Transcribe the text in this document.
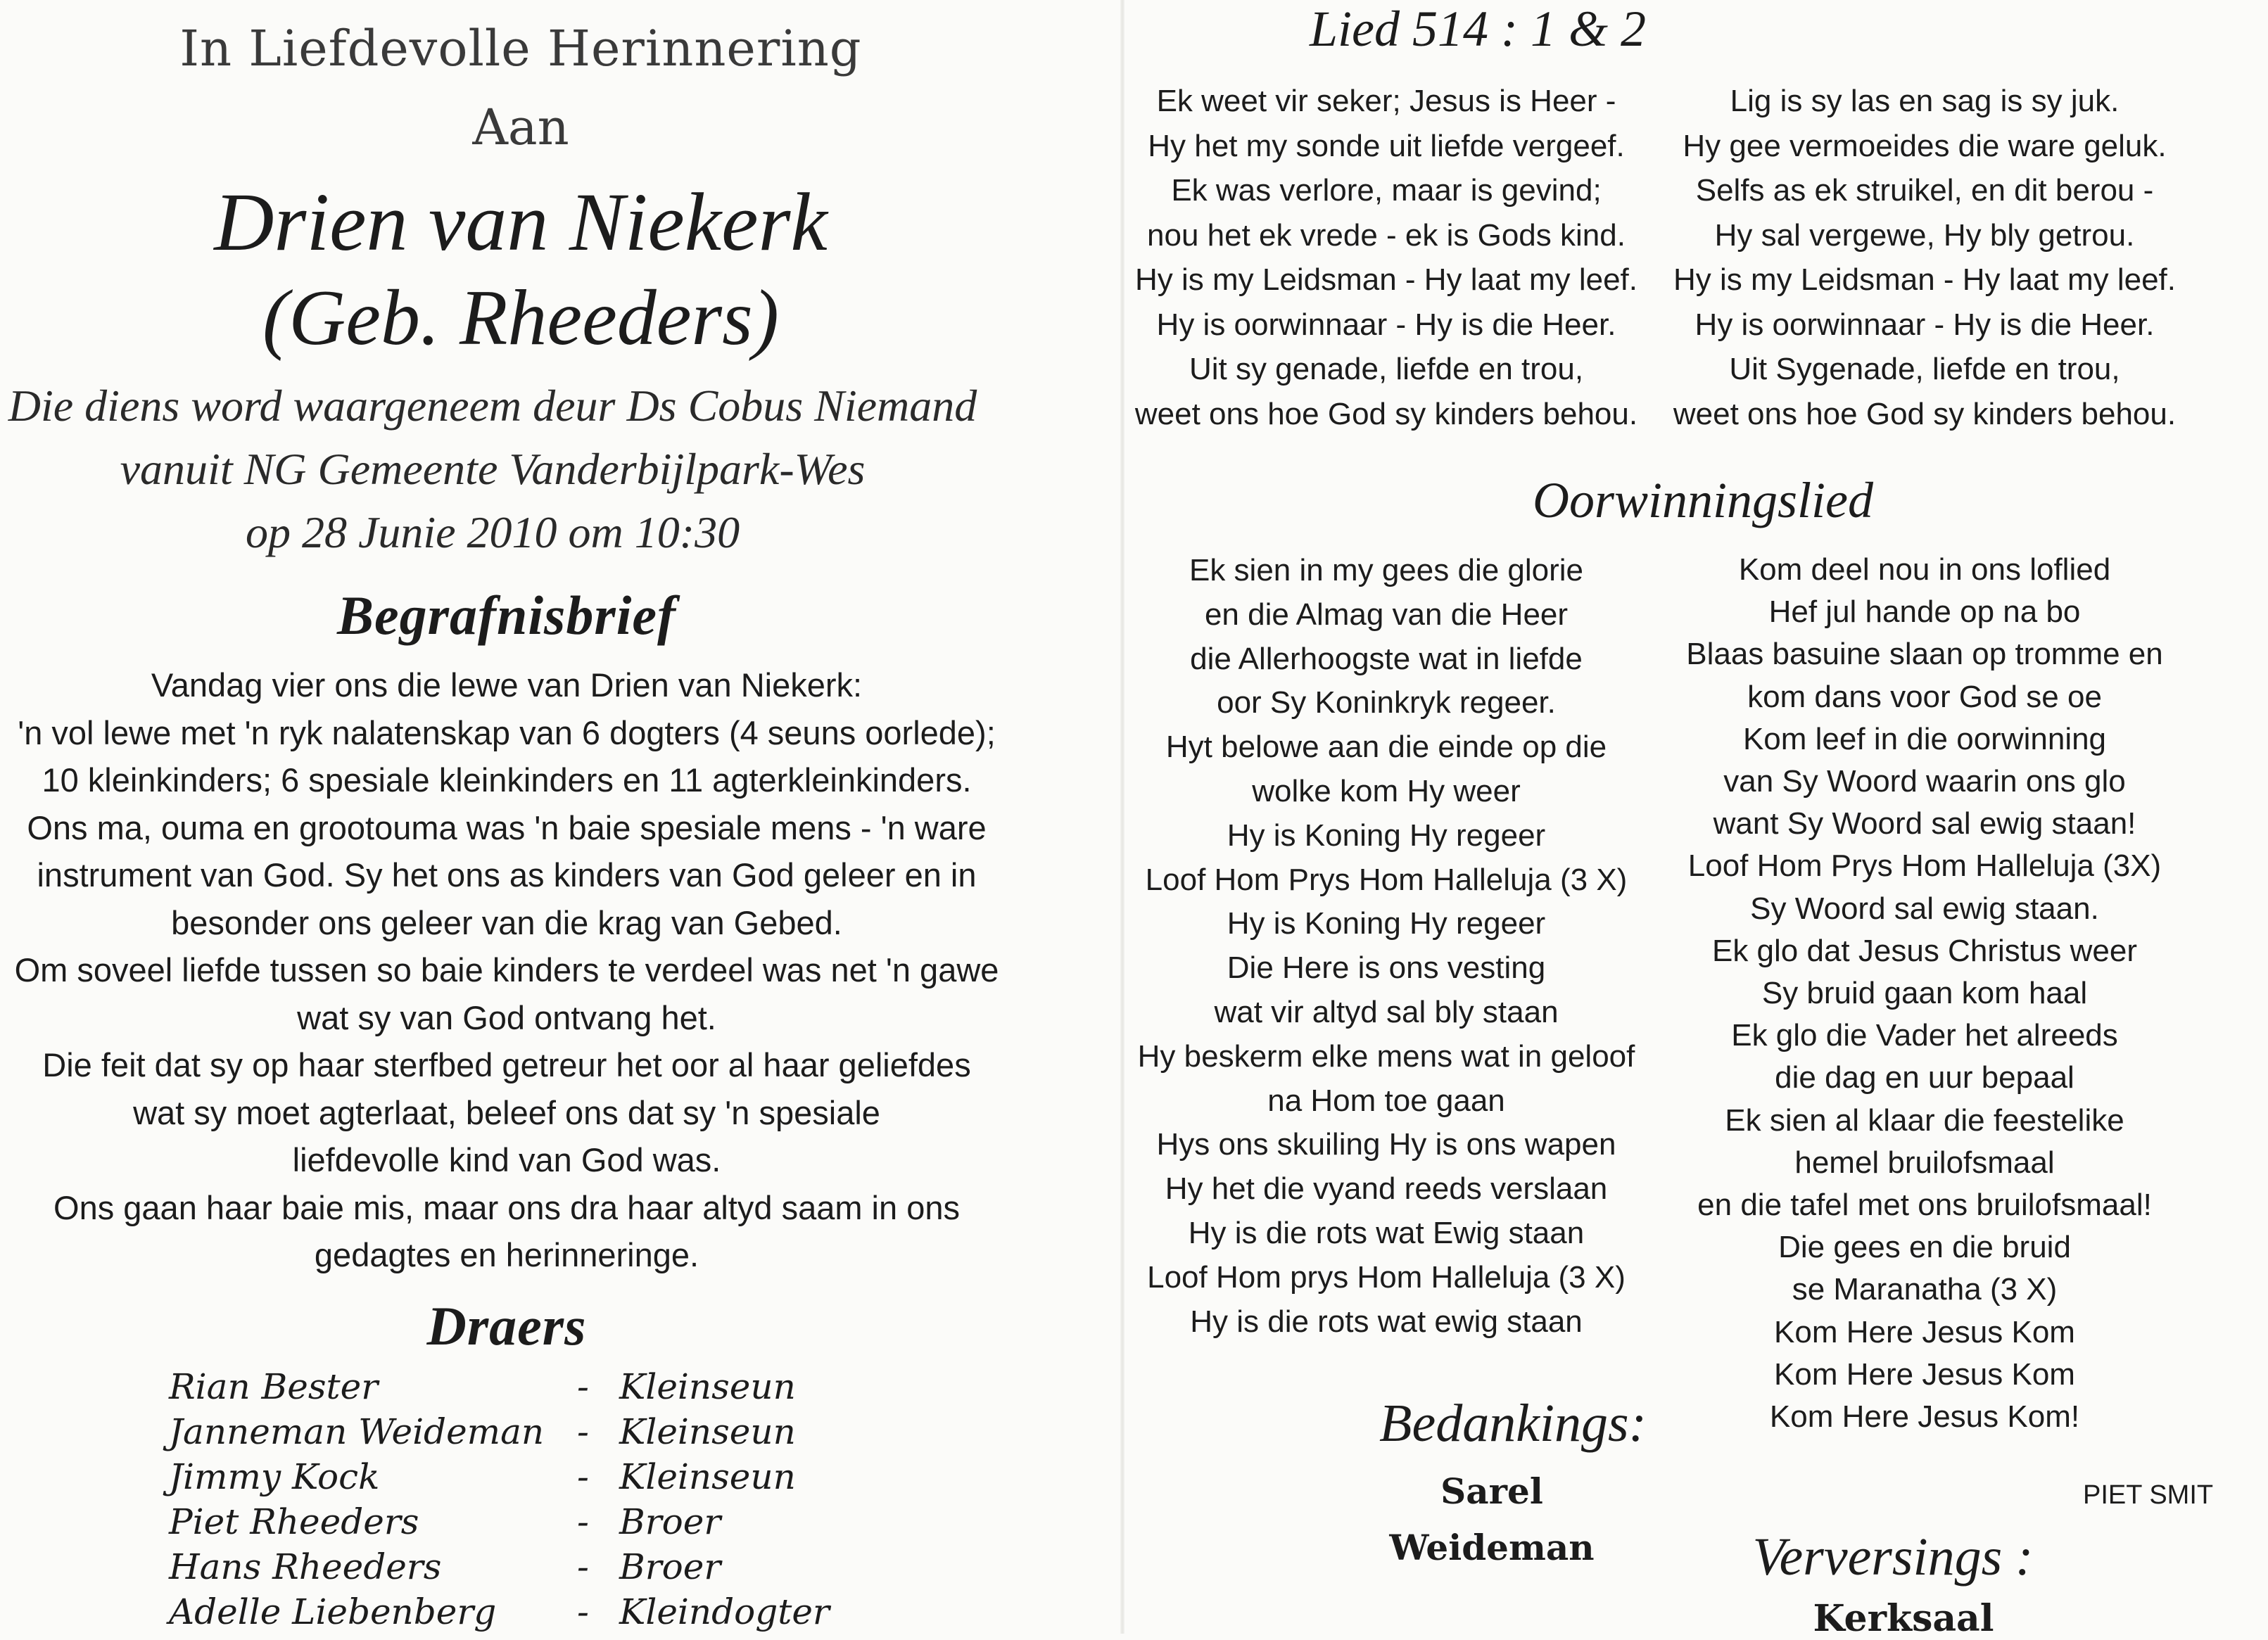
In Liefdevolle Herinnering
Aan
Drien van Niekerk
(Geb. Rheeders)
Die diens word waargeneem deur Ds Cobus Niemand
vanuit NG Gemeente Vanderbijlpark-Wes
op 28 Junie 2010 om 10:30
Begrafnisbrief
Vandag vier ons die lewe van Drien van Niekerk:
'n vol lewe met 'n ryk nalatenskap van 6 dogters (4 seuns oorlede);
10 kleinkinders; 6 spesiale kleinkinders en 11 agterkleinkinders.
Ons ma, ouma en grootouma was 'n baie spesiale mens - 'n ware
instrument van God. Sy het ons as kinders van God geleer en in
besonder ons geleer van die krag van Gebed.
Om soveel liefde tussen so baie kinders te verdeel was net 'n gawe
wat sy van God ontvang het.
Die feit dat sy op haar sterfbed getreur het oor al haar geliefdes
wat sy moet agterlaat, beleef ons dat sy 'n spesiale
liefdevolle kind van God was.
Ons gaan haar baie mis, maar ons dra haar altyd saam in ons
gedagtes en herinneringe.
Draers
Rian Bester	- Kleinseun
Janneman Weideman - Kleinseun
Jimmy Kock	- Kleinseun
Piet Rheeders	- Broer
Hans Rheeders	- Broer
Adelle Liebenberg - Kleindogter
Lied 514 : 1 & 2
Ek weet vir seker; Jesus is Heer -
Hy het my sonde uit liefde vergeef.
Ek was verlore, maar is gevind;
nou het ek vrede - ek is Gods kind.
Hy is my Leidsman - Hy laat my leef.
Hy is oorwinnaar - Hy is die Heer.
Uit sy genade, liefde en trou,
weet ons hoe God sy kinders behou.
Lig is sy las en sag is sy juk.
Hy gee vermoeides die ware geluk.
Selfs as ek struikel, en dit berou -
Hy sal vergewe, Hy bly getrou.
Hy is my Leidsman - Hy laat my leef.
Hy is oorwinnaar - Hy is die Heer.
Uit Sygenade, liefde en trou,
weet ons hoe God sy kinders behou.
Oorwinningslied
Ek sien in my gees die glorie
en die Almag van die Heer
die Allerhoogste wat in liefde
oor Sy Koninkryk regeer.
Hyt belowe aan die einde op die
wolke kom Hy weer
Hy is Koning Hy regeer
Loof Hom Prys Hom Halleluja (3 X)
Hy is Koning Hy regeer
Die Here is ons vesting
wat vir altyd sal bly staan
Hy beskerm elke mens wat in geloof
na Hom toe gaan
Hys ons skuiling Hy is ons wapen
Hy het die vyand reeds verslaan
Hy is die rots wat Ewig staan
Loof Hom prys Hom Halleluja (3 X)
Hy is die rots wat ewig staan
Kom deel nou in ons loflied
Hef jul hande op na bo
Blaas basuine slaan op tromme en
kom dans voor God se oe
Kom leef in die oorwinning
van Sy Woord waarin ons glo
want Sy Woord sal ewig staan!
Loof Hom Prys Hom Halleluja (3X)
Sy Woord sal ewig staan.
Ek glo dat Jesus Christus weer
Sy bruid gaan kom haal
Ek glo die Vader het alreeds
die dag en uur bepaal
Ek sien al klaar die feestelike
hemel bruilofsmaal
en die tafel met ons bruilofsmaal!
Die gees en die bruid
se Maranatha (3 X)
Kom Here Jesus Kom
Kom Here Jesus Kom
Kom Here Jesus Kom!
PIET SMIT
Bedankings:
Sarel
Weideman	Verversings :
Kerksaal
